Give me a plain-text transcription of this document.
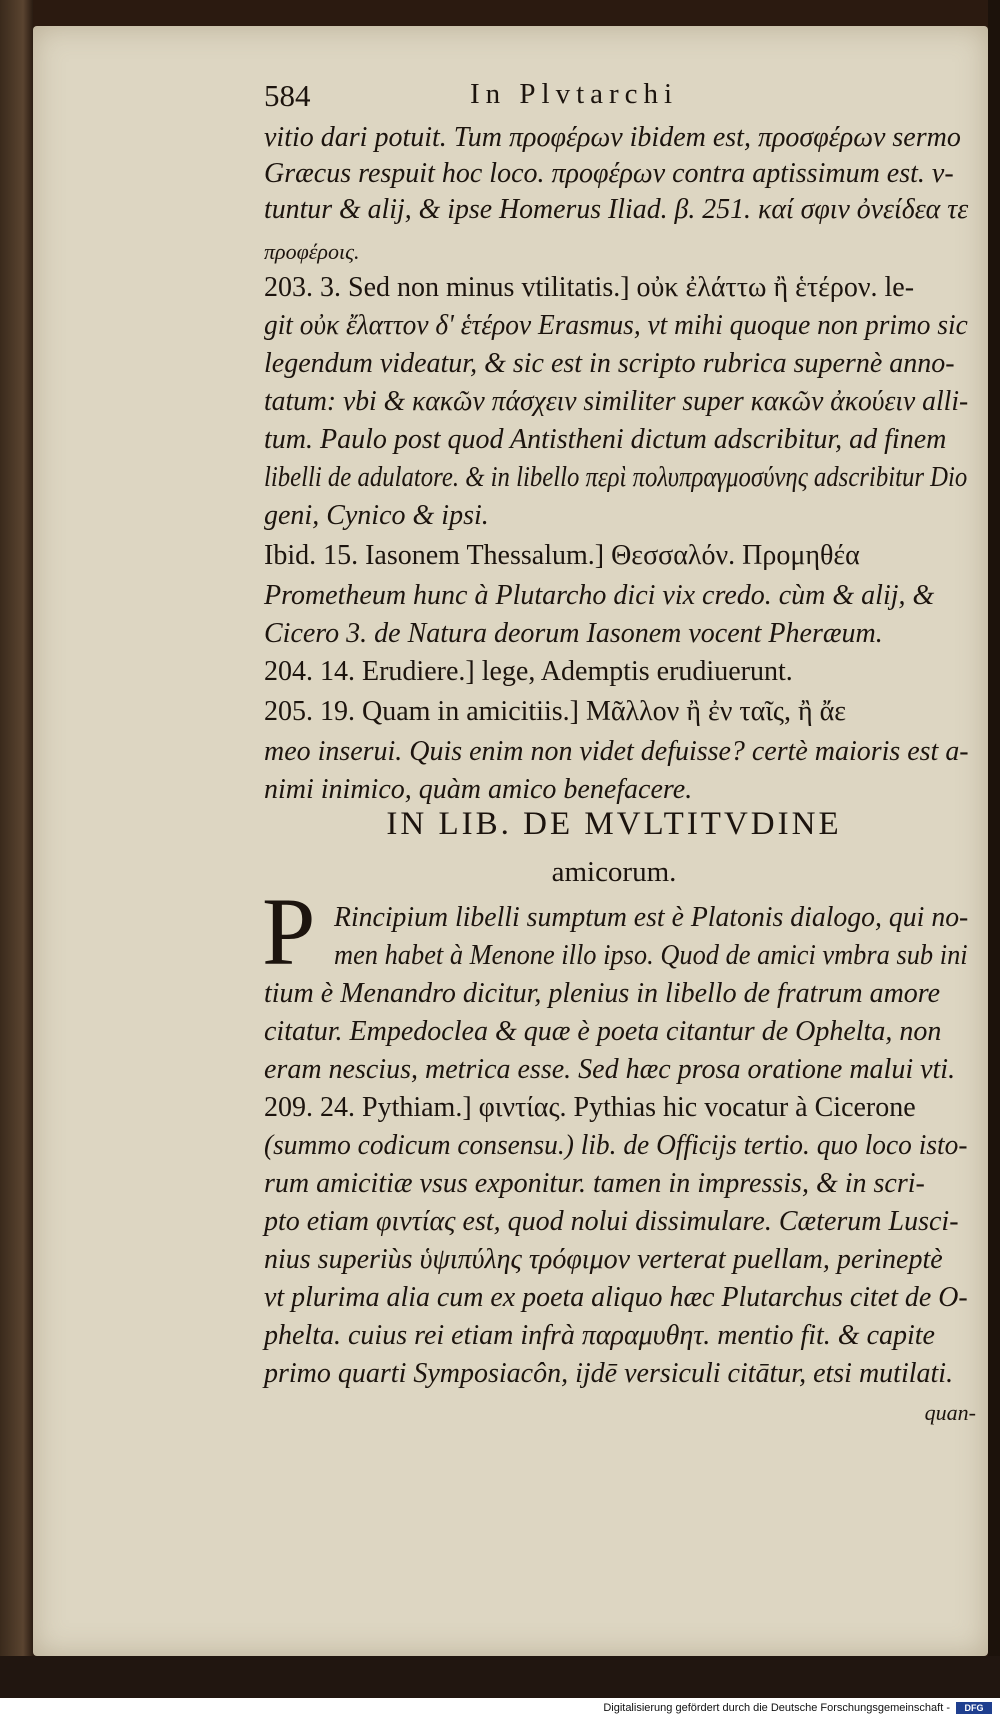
584	In Plvtarchi
vitio dari potuit. Tum προφέρων ibidem est, προσφέρων sermo
Græcus respuit hoc loco. προφέρων contra aptissimum est. v-
tuntur & alij, & ipse Homerus Iliad. β. 251. καί σφιν ὀνείδεα τε
προφέροις.
203. 3. Sed non minus vtilitatis.] οὐκ ἐλάττω ἢ ἑτέρον. le-
git οὐκ ἔλαττον δ' ἑτέρον Erasmus, vt mihi quoque non primo sic
legendum videatur, & sic est in scripto rubrica supernè anno-
tatum: vbi & κακῶν πάσχειν similiter super κακῶν ἀκούειν alli-
tum. Paulo post quod Antistheni dictum adscribitur, ad finem
libelli de adulatore. & in libello περὶ πολυπραγμοσύνης adscribitur Dio
geni, Cynico & ipsi.
Ibid. 15. Iasonem Thessalum.] Θεσσαλόν. Προμηθέα
Prometheum hunc à Plutarcho dici vix credo. cùm & alij, &
Cicero 3. de Natura deorum Iasonem vocent Pheræum.
204. 14. Erudiere.] lege, Ademptis erudiuerunt.
205. 19. Quam in amicitiis.] Μᾶλλον ἢ ἐν ταῖς, ἢ ἄε
meo inserui. Quis enim non videt defuisse? certè maioris est a-
nimi inimico, quàm amico benefacere.
IN LIB. DE MVLTITVDINE
amicorum.
P Rincipium libelli sumptum est è Platonis dialogo, qui no-
men habet à Menone illo ipso. Quod de amici vmbra sub ini
tium è Menandro dicitur, plenius in libello de fratrum amore
citatur. Empedoclea & quæ è poeta citantur de Ophelta, non
eram nescius, metrica esse. Sed hæc prosa oratione malui vti.
209. 24. Pythiam.] φιντίας. Pythias hic vocatur à Cicerone
(summo codicum consensu.) lib. de Officijs tertio. quo loco isto-
rum amicitiæ vsus exponitur. tamen in impressis, & in scri-
pto etiam φιντίας est, quod nolui dissimulare. Cæterum Lusci-
nius superiùs ὑψιπύλης τρόφιμον verterat puellam, perineptè
vt plurima alia cum ex poeta aliquo hæc Plutarchus citet de O-
phelta. cuius rei etiam infrà παραμυθητ. mentio fit. & capite
primo quarti Symposiacôn, ijdē versiculi citātur, etsi mutilati.
quan-
Digitalisierung gefördert durch die Deutsche Forschungsgemeinschaft -	DFG
